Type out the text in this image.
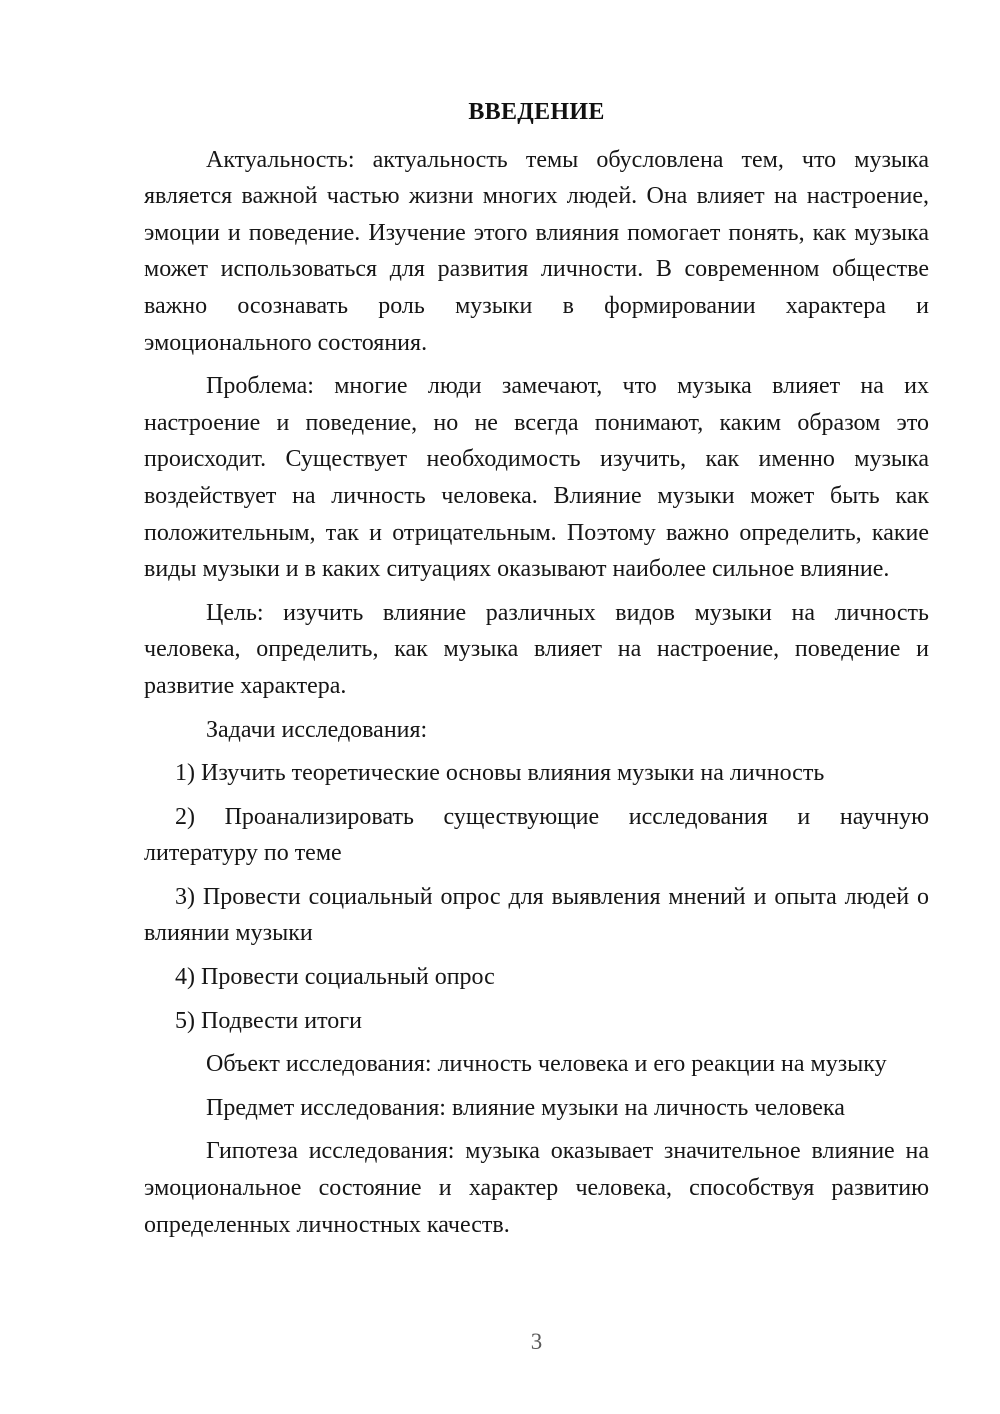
ВВЕДЕНИЕ

Актуальность: актуальность темы обусловлена тем, что музыка является важной частью жизни многих людей. Она влияет на настроение, эмоции и поведение. Изучение этого влияния помогает понять, как музыка может использоваться для развития личности. В современном обществе важно осознавать роль музыки в формировании характера и эмоционального состояния.

Проблема: многие люди замечают, что музыка влияет на их настроение и поведение, но не всегда понимают, каким образом это происходит. Существует необходимость изучить, как именно музыка воздействует на личность человека. Влияние музыки может быть как положительным, так и отрицательным. Поэтому важно определить, какие виды музыки и в каких ситуациях оказывают наиболее сильное влияние.

Цель: изучить влияние различных видов музыки на личность человека, определить, как музыка влияет на настроение, поведение и развитие характера.

Задачи исследования:

1) Изучить теоретические основы влияния музыки на личность

2) Проанализировать существующие исследования и научную литературу по теме

3) Провести социальный опрос для выявления мнений и опыта людей о влиянии музыки

4) Провести социальный опрос

5) Подвести итоги

Объект исследования: личность человека и его реакции на музыку

Предмет исследования: влияние музыки на личность человека

Гипотеза исследования: музыка оказывает значительное влияние на эмоциональное состояние и характер человека, способствуя развитию определенных личностных качеств.

3
